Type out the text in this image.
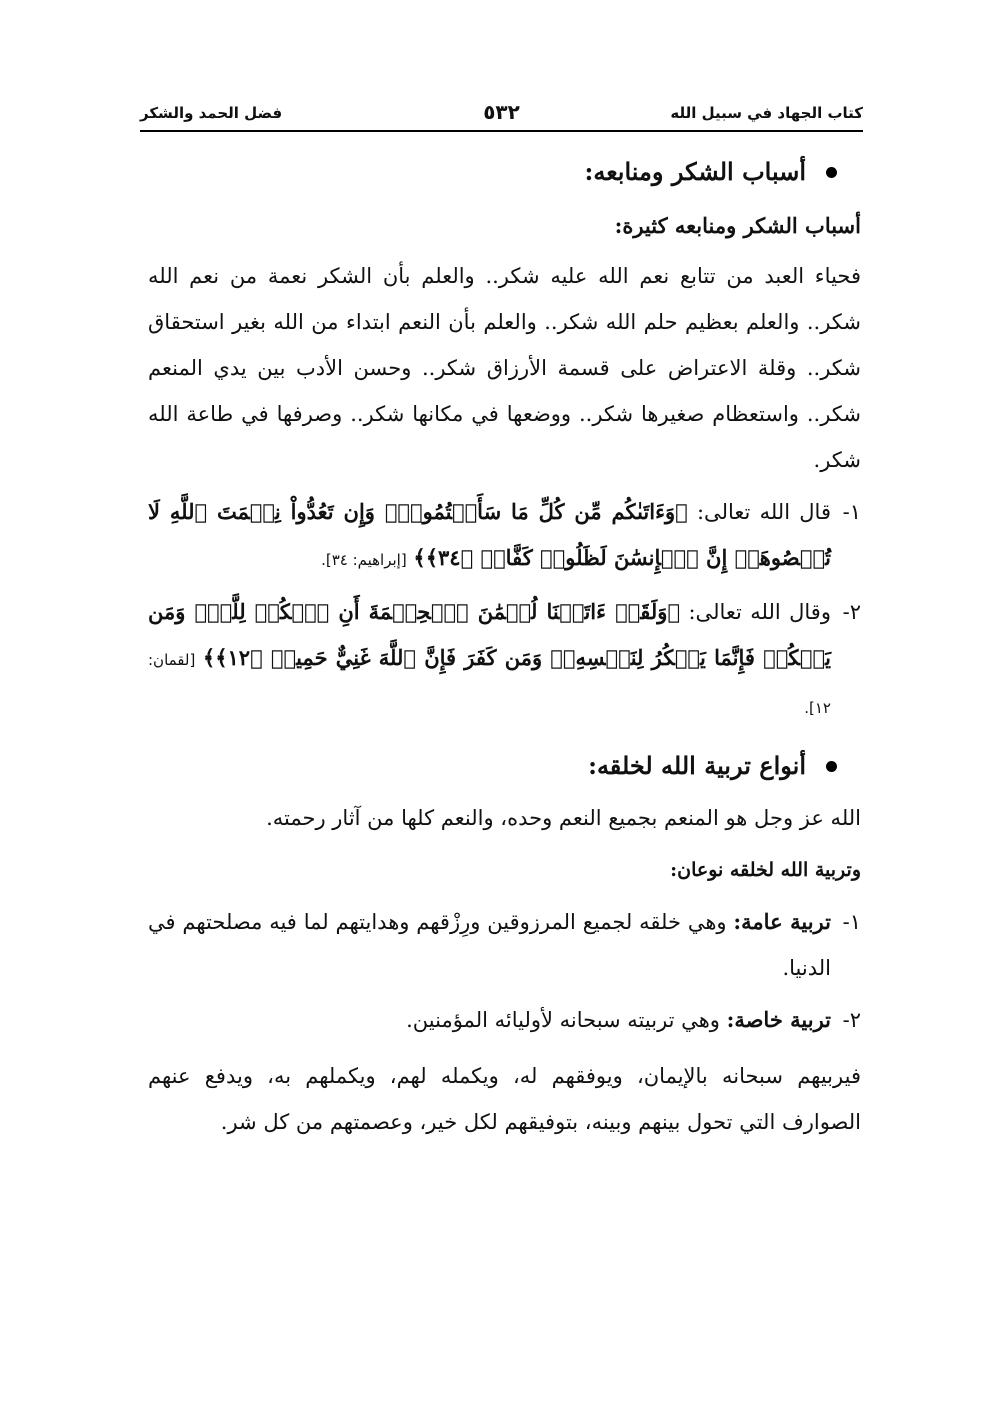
كتاب الجهاد في سبيل الله
٥٣٢
فضل الحمد والشكر
أسباب الشكر ومنابعه:
أسباب الشكر ومنابعه كثيرة:

فحياء العبد من تتابع نعم الله عليه شكر.. والعلم بأن الشكر نعمة من نعم الله شكر.. والعلم بعظيم حلم الله شكر.. والعلم بأن النعم ابتداء من الله بغير استحقاق شكر.. وقلة الاعتراض على قسمة الأرزاق شكر.. وحسن الأدب بين يدي المنعم شكر.. واستعظام صغيرها شكر.. ووضعها في مكانها شكر.. وصرفها في طاعة الله شكر.

١-
قال الله تعالى: ﴿وَءَاتَىٰكُم مِّن كُلِّ مَا سَأَلۡتُمُوهُۚ وَإِن تَعُدُّواْ نِعۡمَتَ ٱللَّهِ لَا تُحۡصُوهَآۗ إِنَّ ٱلۡإِنسَٰنَ لَظَلُومٞ كَفَّارٞ ﴿٣٤﴾﴾ [إبراهيم: ٣٤].
٢-
وقال الله تعالى: ﴿وَلَقَدۡ ءَاتَيۡنَا لُقۡمَٰنَ ٱلۡحِكۡمَةَ أَنِ ٱشۡكُرۡ لِلَّهِۚ وَمَن يَشۡكُرۡ فَإِنَّمَا يَشۡكُرُ لِنَفۡسِهِۦۖ وَمَن كَفَرَ فَإِنَّ ٱللَّهَ غَنِيٌّ حَمِيدٞ ﴿١٢﴾﴾ [لقمان: ١٢].
أنواع تربية الله لخلقه:

الله عز وجل هو المنعم بجميع النعم وحده، والنعم كلها من آثار رحمته.

وتربية الله لخلقه نوعان:
١-
تربية عامة: وهي خلقه لجميع المرزوقين ورِزْقهم وهدايتهم لما فيه مصلحتهم في الدنيا.
٢-
تربية خاصة: وهي تربيته سبحانه لأوليائه المؤمنين.

فيربيهم سبحانه بالإيمان، ويوفقهم له، ويكمله لهم، ويكملهم به، ويدفع عنهم الصوارف التي تحول بينهم وبينه، بتوفيقهم لكل خير، وعصمتهم من كل شر.
